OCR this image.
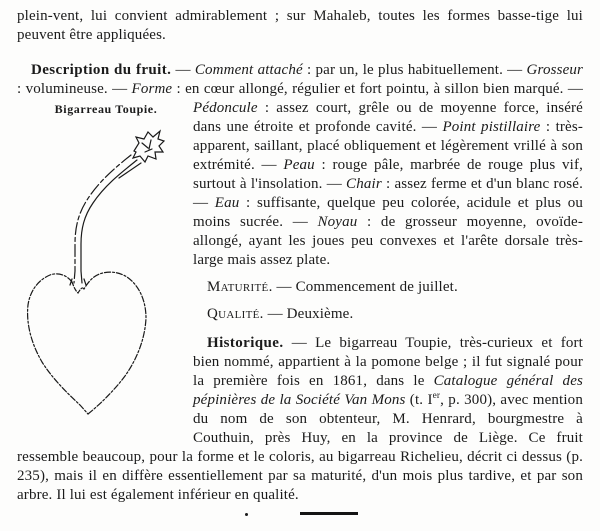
plein-vent, lui convient admirablement ; sur Mahaleb, toutes les formes basse-tige lui peuvent être appliquées.

Description du fruit. — Comment attaché : par un, le plus habituellement. — Grosseur : volumineuse. — Forme : en cœur allongé, régulier et fort pointu,
Bigarreau Toupie.
à sillon bien marqué. — Pédoncule : assez court, grêle ou de moyenne force, inséré dans une étroite et profonde cavité. — Point pistillaire : très-apparent, saillant, placé obliquement et légèrement vrillé à son extrémité. — Peau : rouge pâle, marbrée de rouge plus vif, surtout à l'insolation. — Chair : assez ferme et d'un blanc rosé. — Eau : suffisante, quelque peu colorée, acidule et plus ou moins sucrée. — Noyau : de grosseur moyenne, ovoïde-allongé, ayant les joues peu convexes et l'arête dorsale très-large mais assez plate.

Maturité. — Commencement de juillet.

Qualité. — Deuxième.

Historique. — Le bigarreau Toupie, très-curieux et fort bien nommé, appartient à la pomone belge ; il fut signalé pour la première fois en 1861, dans le Catalogue général des pépinières de la Société Van Mons (t. Ier, p. 300), avec mention du nom de son obtenteur, M. Henrard, bourgmestre à Couthuin, près Huy, en la province de Liège. Ce fruit ressemble beaucoup, pour la forme et le coloris, au bigarreau Richelieu, décrit ci dessus (p. 235), mais il en diffère essentiellement par sa maturité, d'un mois plus tardive, et par son arbre. Il lui est également inférieur en qualité.
